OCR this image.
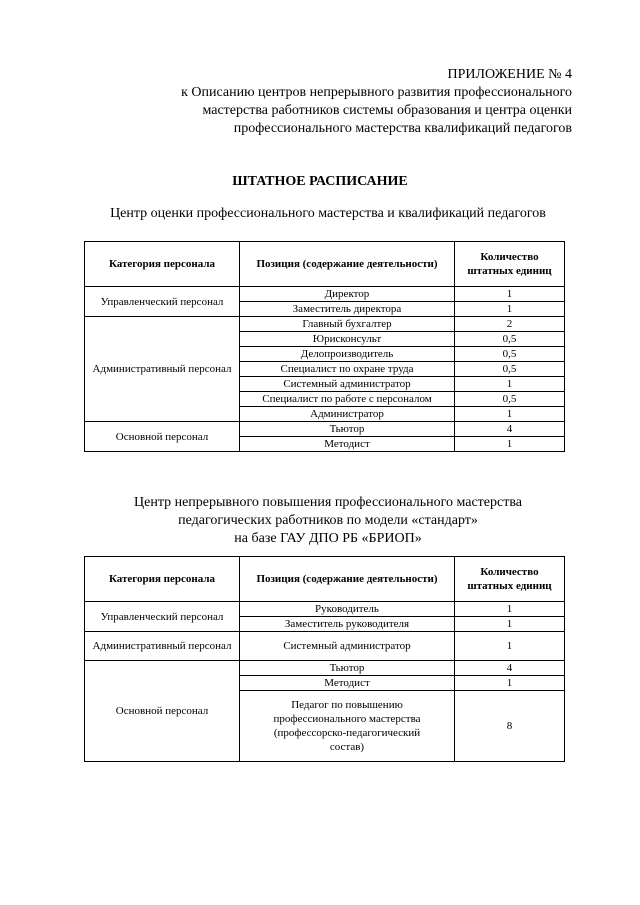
ПРИЛОЖЕНИЕ № 4
к Описанию центров непрерывного развития профессионального
мастерства работников системы образования и центра оценки
профессионального мастерства квалификаций педагогов
ШТАТНОЕ РАСПИСАНИЕ
Центр оценки профессионального мастерства и квалификаций педагогов
Категория персонала	Позиция (содержание деятельности)	Количество штатных единиц
Управленческий персонал	Директор	1
	Заместитель директора	1
Административный персонал	Главный бухгалтер	2
	Юрисконсульт	0,5
	Делопроизводитель	0,5
	Специалист по охране труда	0,5
	Системный администратор	1
	Специалист по работе с персоналом	0,5
	Администратор	1
Основной персонал	Тьютор	4
	Методист	1
Центр непрерывного повышения профессионального мастерства
педагогических работников по модели «стандарт»
на базе ГАУ ДПО РБ «БРИОП»
Категория персонала	Позиция (содержание деятельности)	Количество штатных единиц
Управленческий персонал	Руководитель	1
	Заместитель руководителя	1
Административный персонал	Системный администратор	1
Основной персонал	Тьютор	4
	Методист	1
	Педагог по повышению профессионального мастерства (профессорско-педагогический состав)	8
